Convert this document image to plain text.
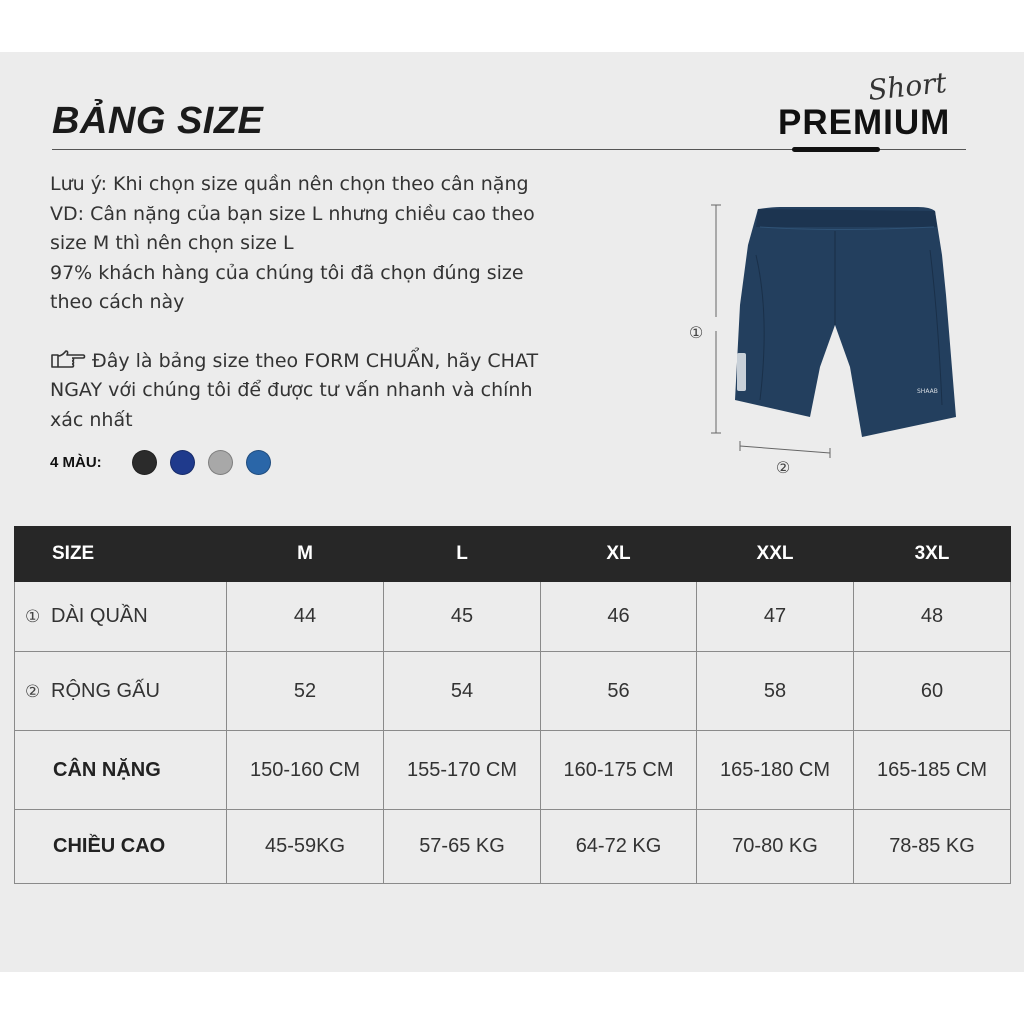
BẢNG SIZE
Short
PREMIUM

Lưu ý: Khi chọn size quần nên chọn theo cân nặng

VD: Cân nặng của bạn size L nhưng chiều cao theo

size M thì nên chọn size L

97% khách hàng của chúng tôi đã chọn đúng size

theo cách này

Đây là bảng size theo FORM CHUẨN, hãy CHAT

NGAY với chúng tôi để được tư vấn nhanh và chính

xác nhất

4 MÀU:
①
②
SHAAB
SIZE	M	L	XL	XXL	3XL
① DÀI QUẦN	44	45	46	47	48
② RỘNG GẤU	52	54	56	58	60
CÂN NẶNG	150-160 CM	155-170 CM	160-175 CM	165-180 CM	165-185 CM
CHIỀU CAO	45-59KG	57-65 KG	64-72 KG	70-80 KG	78-85 KG
